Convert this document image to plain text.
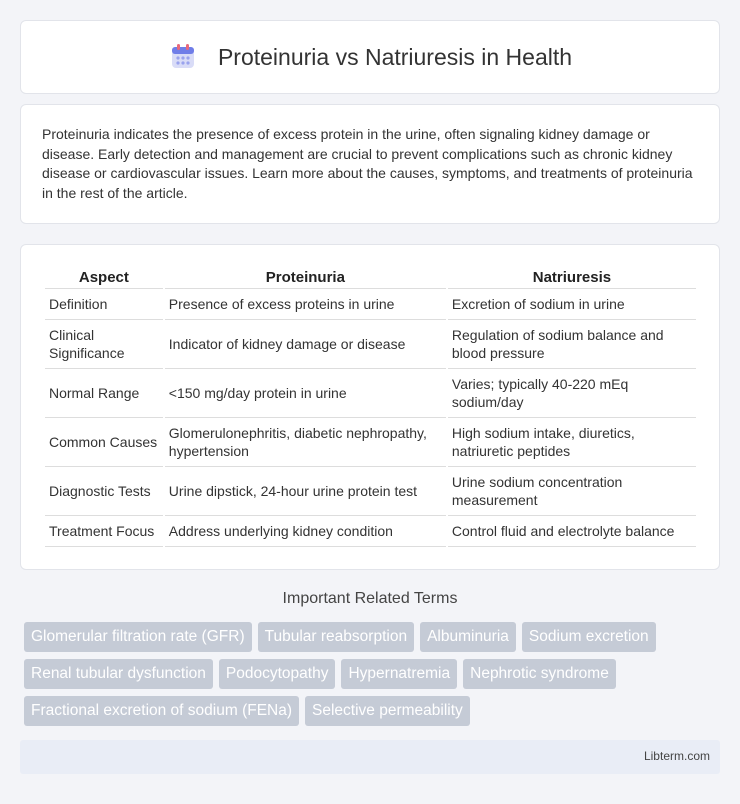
Proteinuria vs Natriuresis in Health

Proteinuria indicates the presence of excess protein in the urine, often signaling kidney damage or disease. Early detection and management are crucial to prevent complications such as chronic kidney disease or cardiovascular issues. Learn more about the causes, symptoms, and treatments of proteinuria in the rest of the article.

Aspect	Proteinuria	Natriuresis
Definition	Presence of excess proteins in urine	Excretion of sodium in urine
Clinical Significance	Indicator of kidney damage or disease	Regulation of sodium balance and blood pressure
Normal Range	<150 mg/day protein in urine	Varies; typically 40-220 mEq sodium/day
Common Causes	Glomerulonephritis, diabetic nephropathy, hypertension	High sodium intake, diuretics, natriuretic peptides
Diagnostic Tests	Urine dipstick, 24-hour urine protein test	Urine sodium concentration measurement
Treatment Focus	Address underlying kidney condition	Control fluid and electrolyte balance
Important Related Terms
Glomerular filtration rate (GFR)	Tubular reabsorption	Albuminuria	Sodium excretion
Renal tubular dysfunction	Podocytopathy	Hypernatremia	Nephrotic syndrome
Fractional excretion of sodium (FENa)	Selective permeability
Libterm.com
